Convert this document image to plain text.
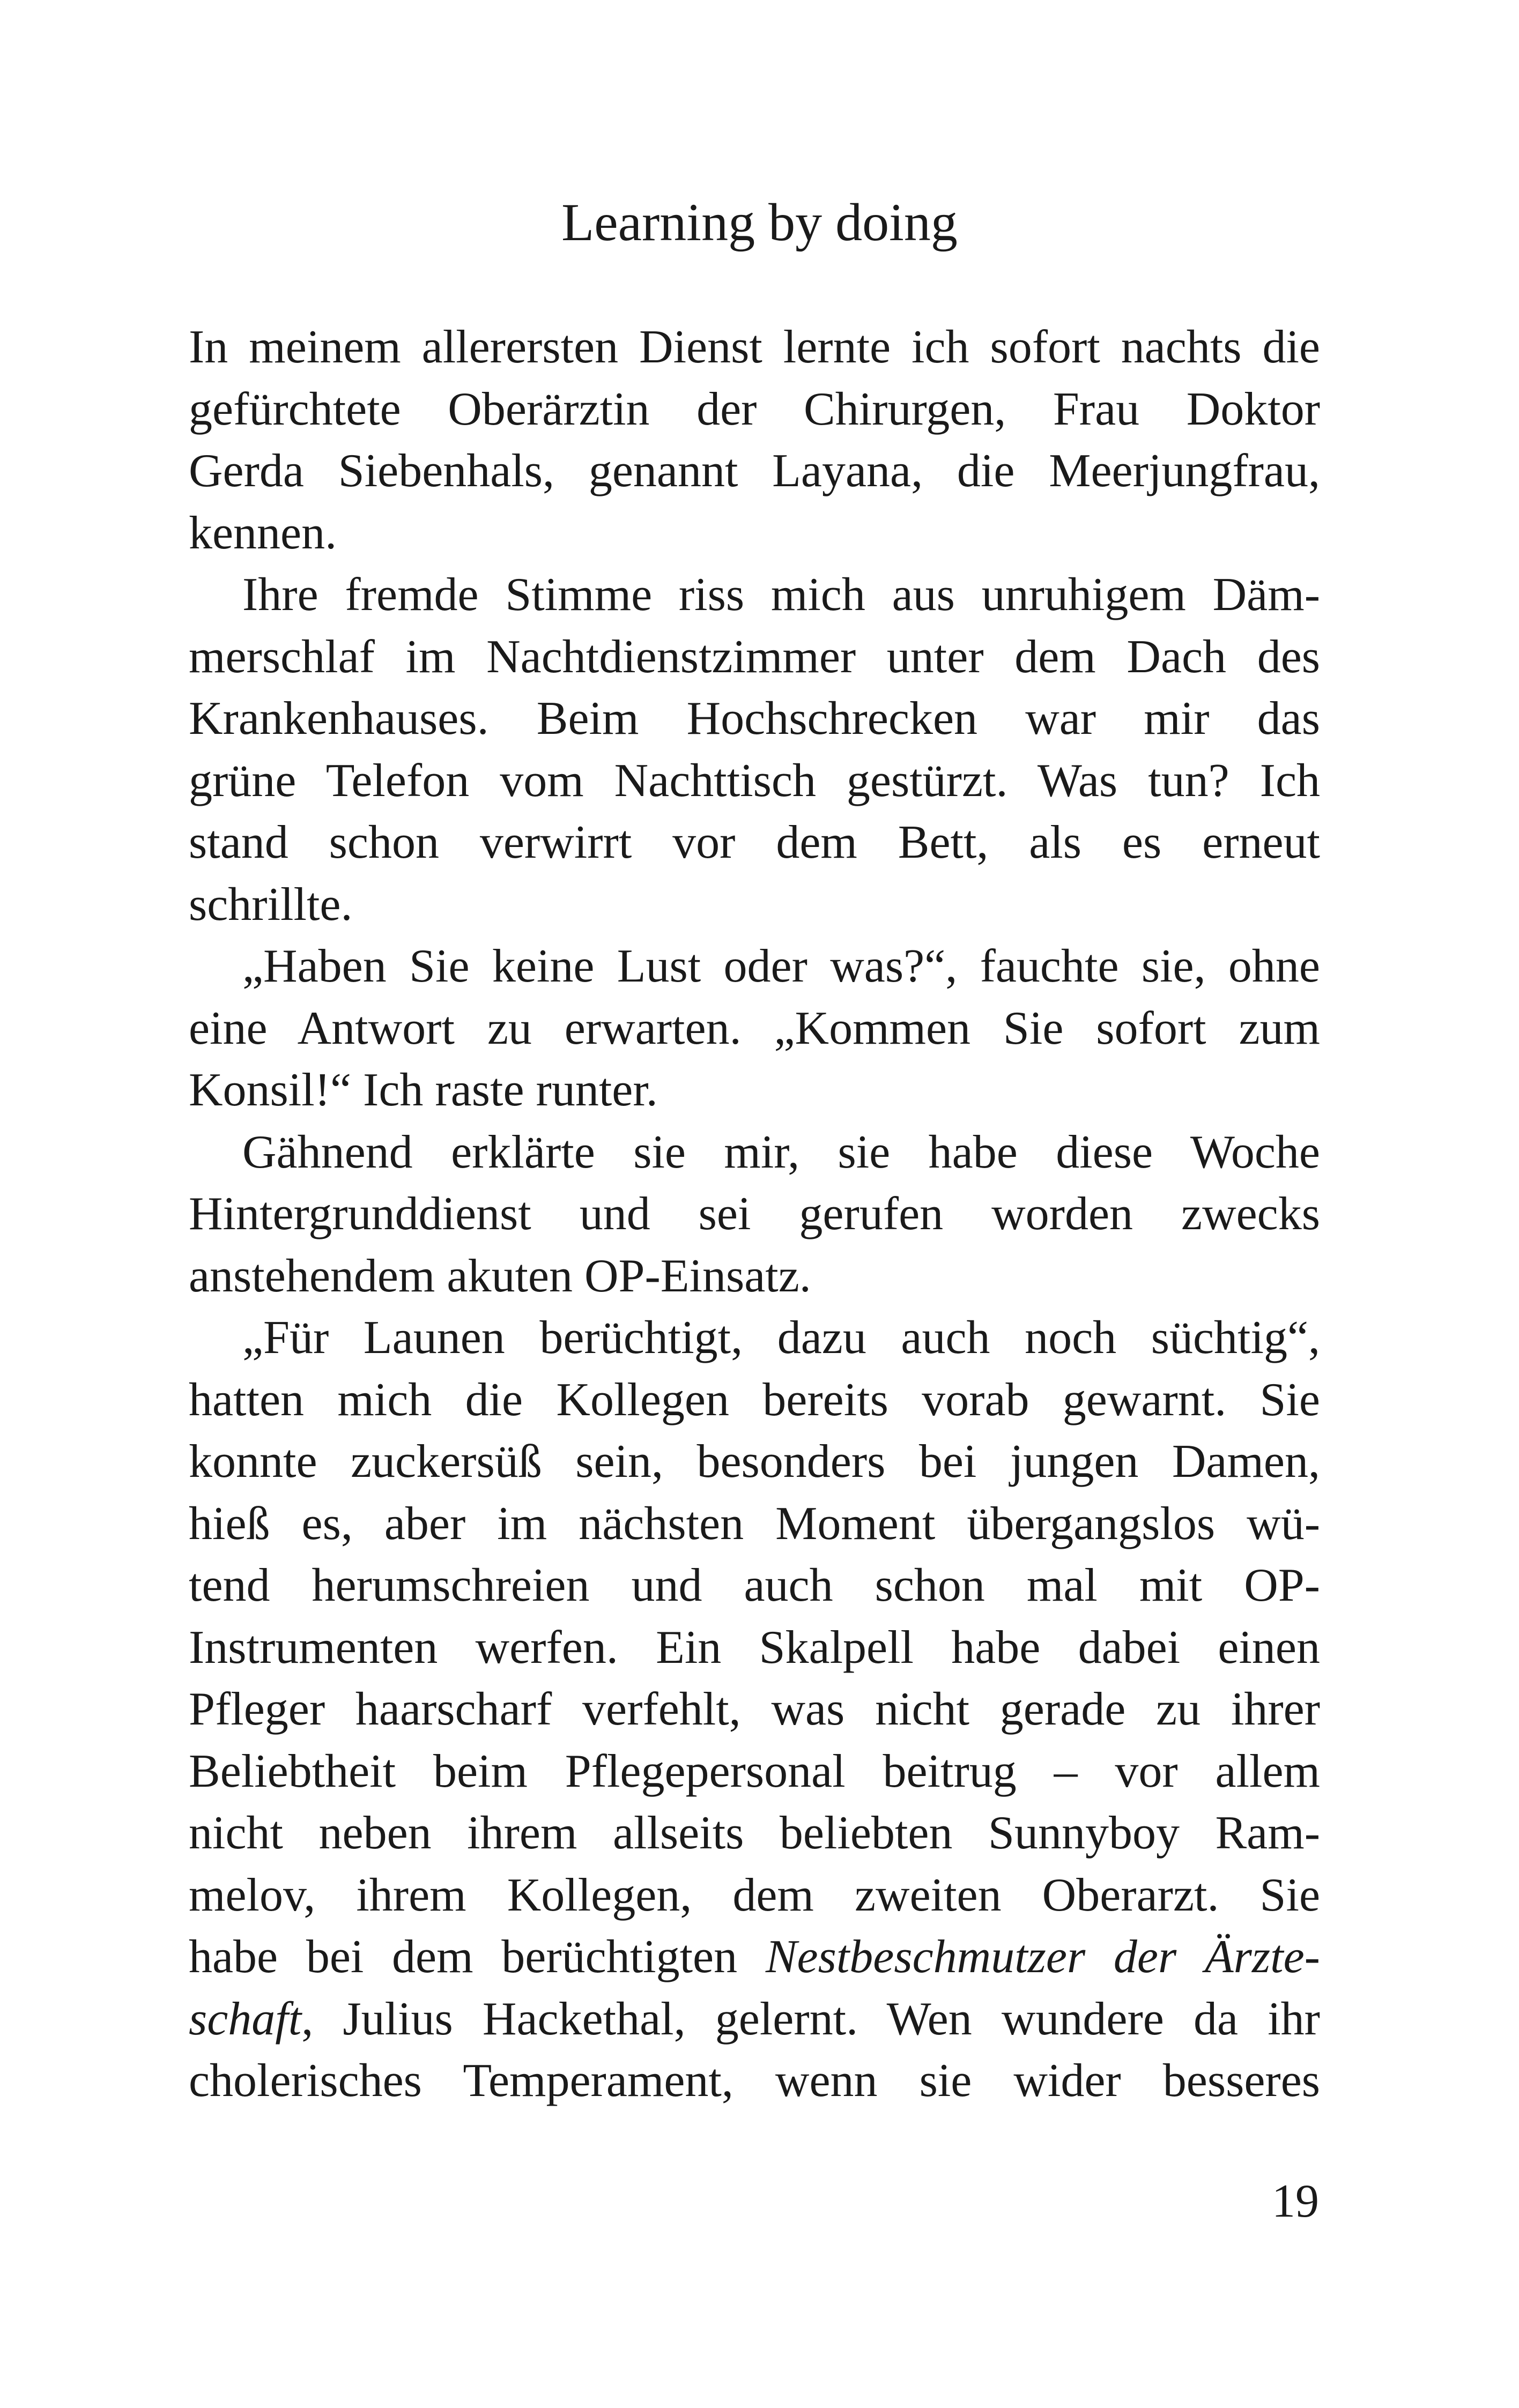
Learning by doing
In meinem allerersten Dienst lernte ich sofort nachts die
gefürchtete Oberärztin der Chirurgen, Frau Doktor
Gerda Siebenhals, genannt Layana, die Meerjungfrau,
kennen.
Ihre fremde Stimme riss mich aus unruhigem Däm-
merschlaf im Nachtdienstzimmer unter dem Dach des
Krankenhauses. Beim Hochschrecken war mir das
grüne Telefon vom Nachttisch gestürzt. Was tun? Ich
stand schon verwirrt vor dem Bett, als es erneut
schrillte.
„Haben Sie keine Lust oder was?“, fauchte sie, ohne
eine Antwort zu erwarten. „Kommen Sie sofort zum
Konsil!“ Ich raste runter.
Gähnend erklärte sie mir, sie habe diese Woche
Hintergrunddienst und sei gerufen worden zwecks
anstehendem akuten OP-Einsatz.
„Für Launen berüchtigt, dazu auch noch süchtig“,
hatten mich die Kollegen bereits vorab gewarnt. Sie
konnte zuckersüß sein, besonders bei jungen Damen,
hieß es, aber im nächsten Moment übergangslos wü-
tend herumschreien und auch schon mal mit OP-
Instrumenten werfen. Ein Skalpell habe dabei einen
Pfleger haarscharf verfehlt, was nicht gerade zu ihrer
Beliebtheit beim Pflegepersonal beitrug – vor allem
nicht neben ihrem allseits beliebten Sunnyboy Ram-
melov, ihrem Kollegen, dem zweiten Oberarzt. Sie
habe bei dem berüchtigten Nestbeschmutzer der Ärzte-
schaft, Julius Hackethal, gelernt. Wen wundere da ihr
cholerisches Temperament, wenn sie wider besseres
19
